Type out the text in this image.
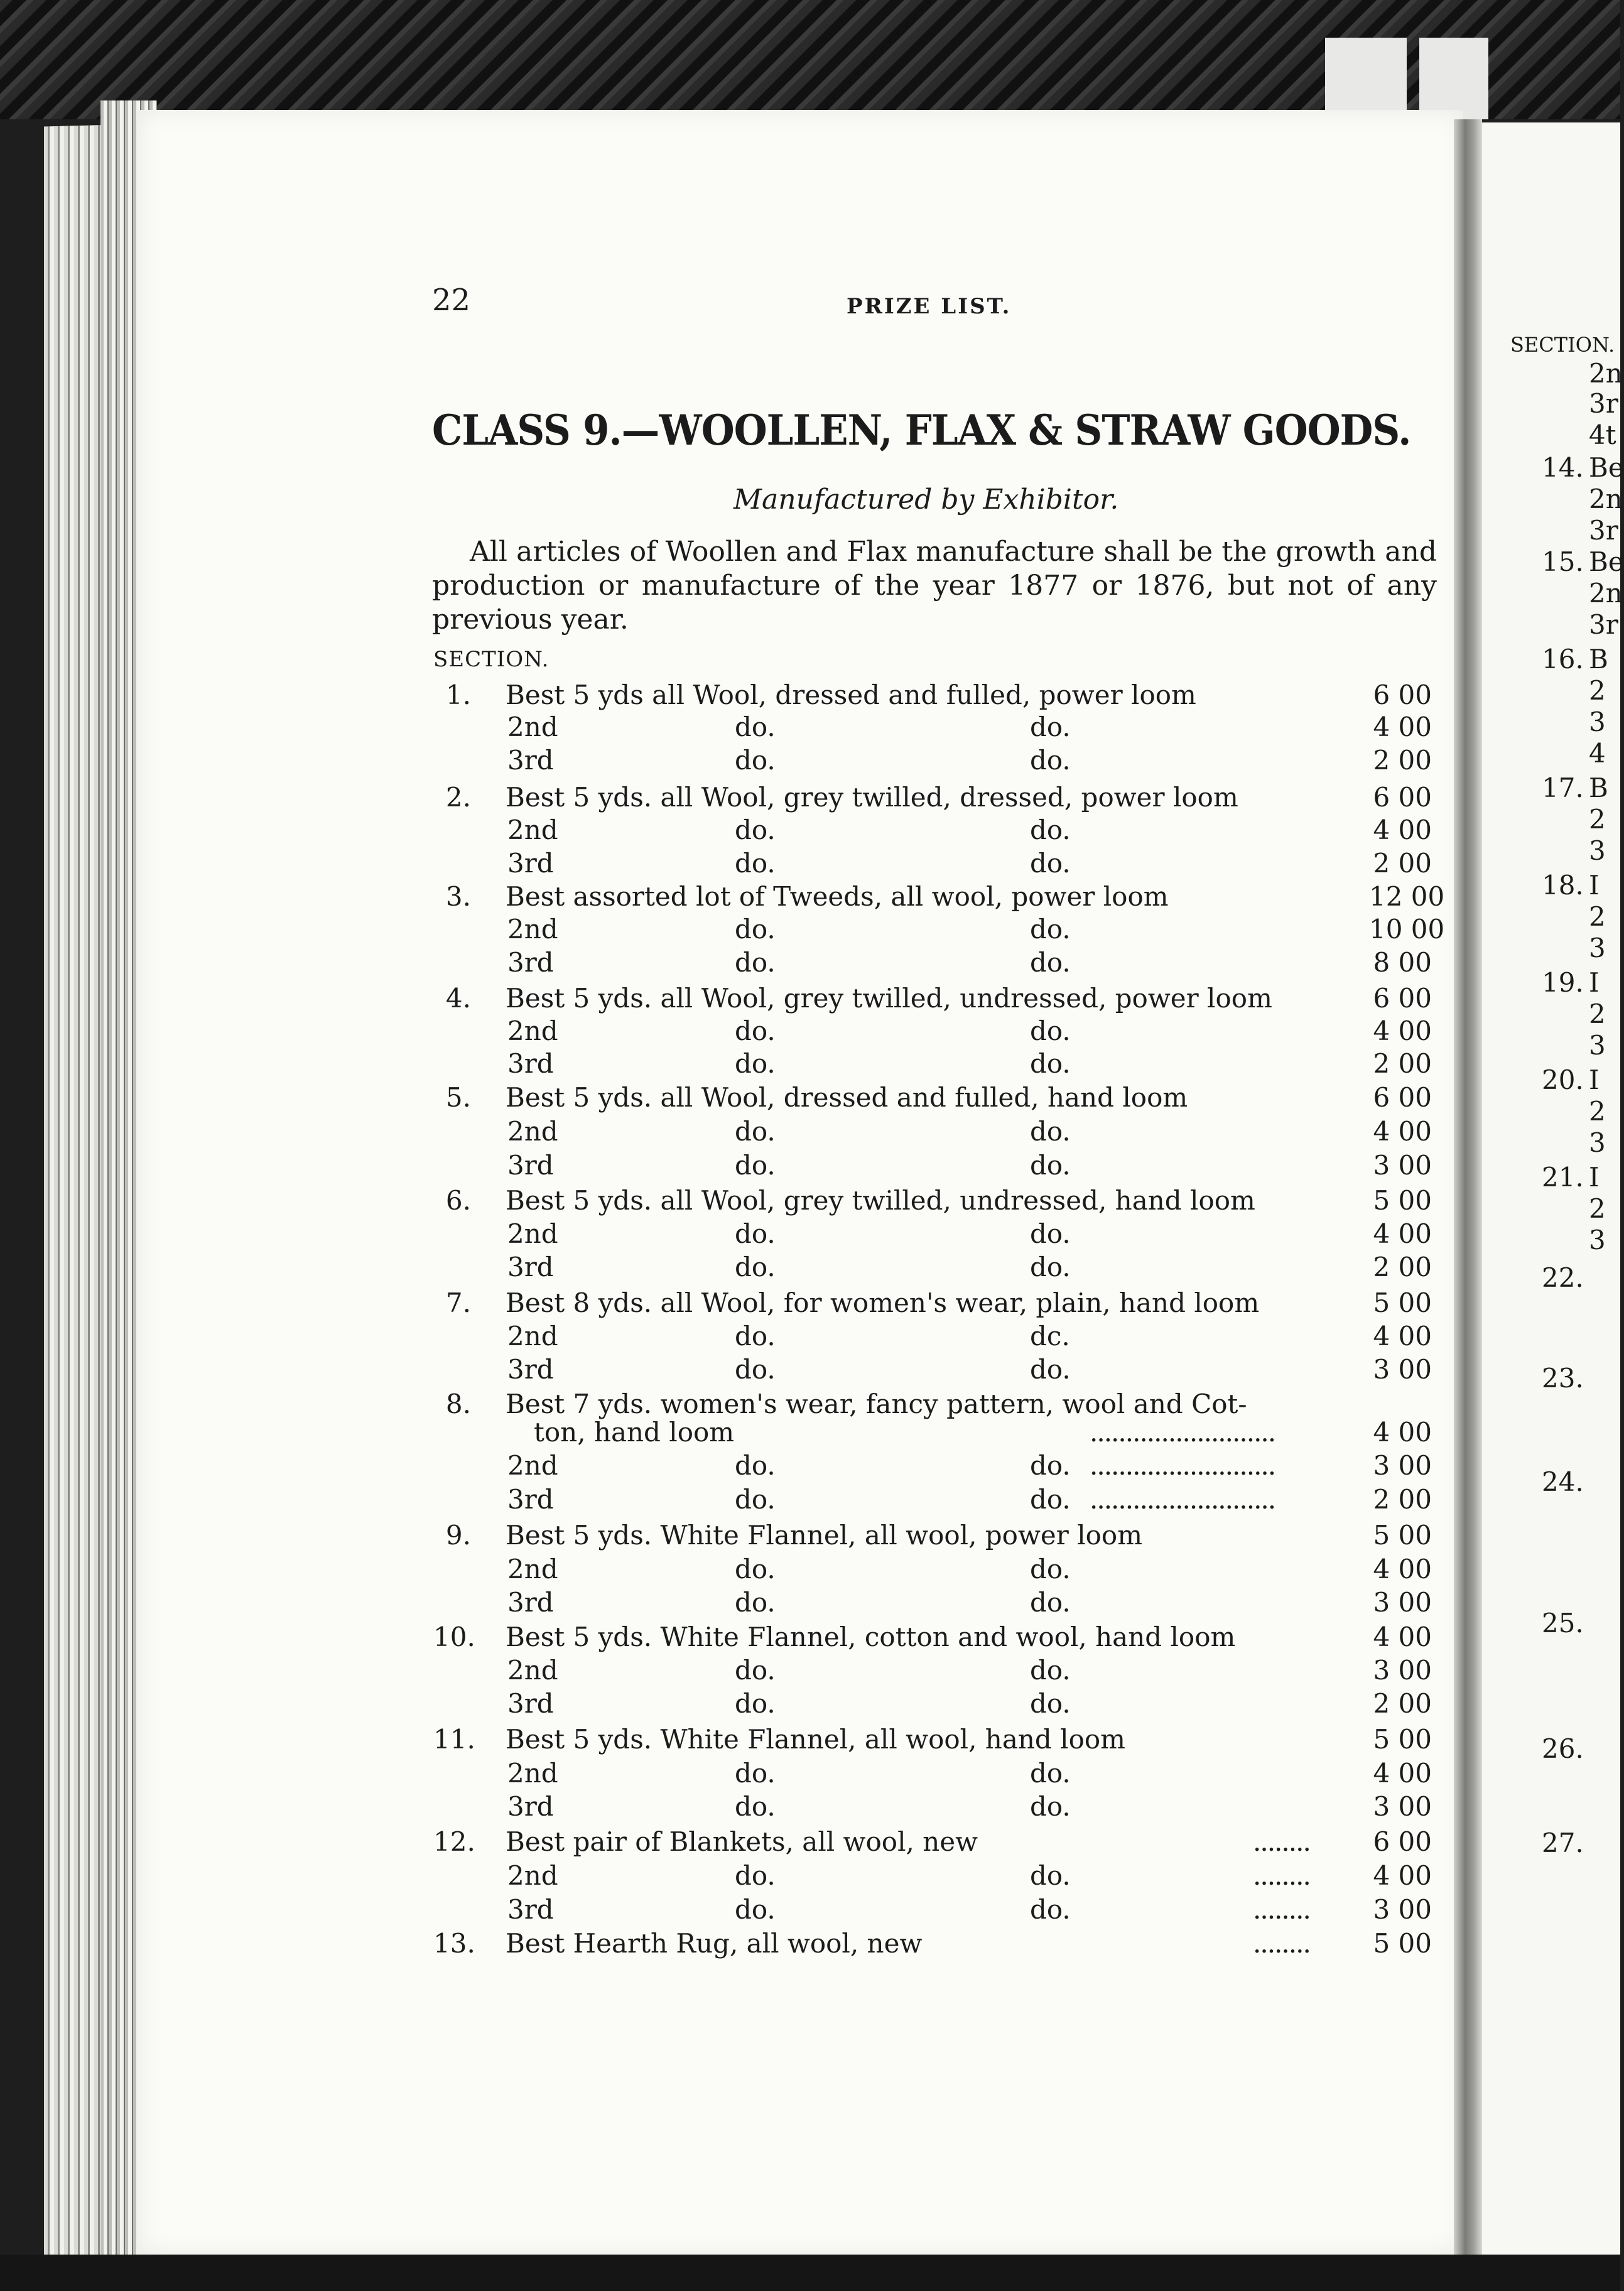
22	PRIZE LIST.
CLASS 9.—WOOLLEN, FLAX & STRAW GOODS.
Manufactured by Exhibitor.
All articles of Woollen and Flax manufacture shall be the growth and production or manufacture of the year 1877 or 1876, but not of any previous year.
SECTION.
1. Best 5 yds all Wool, dressed and fulled, power loom	6 00
2nd	do.	do.	4 00
3rd	do.	do.	2 00
2. Best 5 yds. all Wool, grey twilled, dressed, power loom	6 00
2nd	do.	do.	4 00
3rd	do.	do.	2 00
3. Best assorted lot of Tweeds, all wool, power loom	12 00
2nd	do.	do.	10 00
3rd	do.	do.	8 00
4. Best 5 yds. all Wool, grey twilled, undressed, power loom	6 00
2nd	do.	do.	4 00
3rd	do.	do.	2 00
5. Best 5 yds. all Wool, dressed and fulled, hand loom	6 00
2nd	do.	do.	4 00
3rd	do.	do.	3 00
6. Best 5 yds. all Wool, grey twilled, undressed, hand loom	5 00
2nd	do.	do.	4 00
3rd	do.	do.	2 00
7. Best 8 yds. all Wool, for women's wear, plain, hand loom	5 00
2nd	do.	dc.	4 00
3rd	do.	do.	3 00
8. Best 7 yds. women's wear, fancy pattern, wool and Cot-
ton, hand loom	..........................	4 00
2nd	do.	do. ..........................	3 00
3rd	do.	do. ..........................	2 00
9. Best 5 yds. White Flannel, all wool, power loom	5 00
2nd	do.	do.	4 00
3rd	do.	do.	3 00
10. Best 5 yds. White Flannel, cotton and wool, hand loom	4 00
2nd	do.	do.	3 00
3rd	do.	do.	2 00
11. Best 5 yds. White Flannel, all wool, hand loom	5 00
2nd	do.	do.	4 00
3rd	do.	do.	3 00
12. Best pair of Blankets, all wool, new	........ 6 00
2nd	do.	do.	........ 4 00
3rd	do.	do.	........ 3 00
13. Best Hearth Rug, all wool, new	........ 5 00
SECTION.
2n
3r
4t
14. Be
2n
3r
15. Be
2n
3r
16. B
2
3
4
17. B
2
3
18. I
2
3
19. I
2
3
20. I
2
3
21. I
2
3
22.
23.
24.
25.
26.
27.
